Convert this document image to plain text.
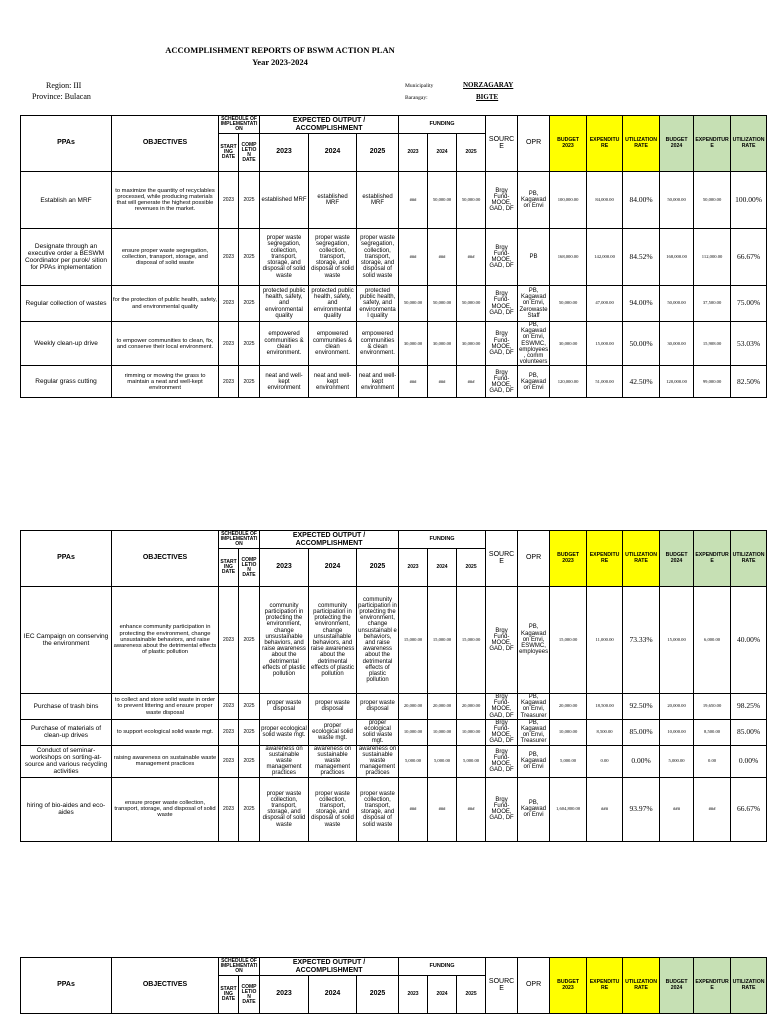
ACCOMPLISHMENT REPORTS OF BSWM ACTION PLAN
Year 2023-2024
Region: III
Province: Bulacan
Municipality	NORZAGARAY
Barangay:	BIGTE
PPAs	OBJECTIVES	SCHEDULE OF IMPLEMENTATION		EXPECTED OUTPUT / ACCOMPLISHMENT			FUNDING			SOURCE	OPR	BUDGET 2023	EXPENDITURE	UTILIZATION RATE	BUDGET 2024	EXPENDITURE	UTILIZATION RATE
		STARTING DATE	COMPLETION DATE	2023	2024	2025	2023	2024	2025								
Establish an MRF	to maximize the quantity of recyclables processed, while producing materials that will generate the highest possible revenues in the market.	2023	2025	established MRF	established MRF	established MRF	###	50,000.00	50,000.00	Brgy Fund-MOOE, GAD, DF	PB, Kagawad on Envi	100,000.00	84,000.00	84.00%	50,000.00	50,000.00	100.00%
Designate through an executive order a BESWM Coordinator per purok/ sition for PPAs implementation	ensure proper waste segregation, collection, transport, storage, and disposal of solid waste	2023	2025	proper waste segregation, collection, transport, storage, and disposal of solid waste	proper waste segregation, collection, transport, storage, and disposal of solid waste	proper waste segregation, collection, transport, storage, and disposal of solid waste	###	###	###	Brgy Fund-MOOE, GAD, DF	PB	168,000.00	142,000.00	84.52%	168,000.00	112,000.00	66.67%
Regular collection of wastes	for the protection of public health, safety, and environmental quality	2023	2025	protected public health, safety, and environmental quality	protected public health, safety, and environmental quality	protected public health, safety, and environmenta l quality	50,000.00	50,000.00	50,000.00	Brgy Fund-MOOE, GAD, DF	PB, Kagawad on Envi, Zerowaste Staff	50,000.00	47,000.00	94.00%	50,000.00	37,500.00	75.00%
Weekly clean-up drive	to empower communities to clean, fix, and conserve their local environment.	2023	2025	empowered communities & clean environment.	empowered communities & clean environment.	empowered communities & clean environment.	30,000.00	30,000.00	30,000.00	Brgy Fund-MOOE, GAD, DF	PB, Kagawad on Envi, ESWMC, employees, comm volunteers	30,000.00	15,000.00	50.00%	30,000.00	15,908.00	53.03%
Regular grass cutting	rimming or mowing the grass to maintain a neat and well-kept environment	2023	2025	neat and well-kept environment	neat and well-kept environment	neat and well-kept environment	###	###	###	Brgy Fund-MOOE, GAD, DF	PB, Kagawad on Envi	120,000.00	51,000.00	42.50%	120,000.00	99,000.00	82.50%
PPAs	OBJECTIVES	SCHEDULE OF IMPLEMENTATION		EXPECTED OUTPUT / ACCOMPLISHMENT			FUNDING			SOURCE	OPR	BUDGET 2023	EXPENDITURE	UTILIZATION RATE	BUDGET 2024	EXPENDITURE	UTILIZATION RATE
		STARTING DATE	COMPLETION DATE	2023	2024	2025	2023	2024	2025								
IEC Campaign on conserving the environment	enhance community participation in protecting the environment, change unsustainable behaviors, and raise awareness about the detrimental effects of plastic pollution	2023	2025	community participation in protecting the environment, change unsustainable behaviors, and raise awareness about the detrimental effects of plastic pollution	community participation in protecting the environment, change unsustainable behaviors, and raise awareness about the detrimental effects of plastic pollution	community participation in protecting the environment, change unsustainabl e behaviors, and raise awareness about the detrimental effects of plastic pollution	15,000.00	15,000.00	15,000.00	Brgy Fund-MOOE, GAD, DF	PB, Kagawad on Envi, ESWMC, employees	15,000.00	11,000.00	73.33%	15,000.00	6,000.00	40.00%
Purchase of trash bins	to collect and store solid waste in order to prevent littering and ensure proper waste disposal	2023	2025	proper waste disposal	proper waste disposal	proper waste disposal	20,000.00	20,000.00	20,000.00	Brgy Fund-MOOE, GAD, DF	PB, Kagawad on Envi, Treasurer	20,000.00	18,500.00	92.50%	20,000.00	19,650.00	98.25%
Purchase of materials of clean-up drives	to support ecological solid waste mgt.	2023	2025	proper ecological solid waste mgt.	proper ecological solid waste mgt.	proper ecological solid waste mgt.	10,000.00	10,000.00	10,000.00	Brgy Fund-MOOE, GAD, DF	PB, Kagawad on Envi, Treasurer	10,000.00	8,500.00	85.00%	10,000.00	8,500.00	85.00%
Conduct of seminar-workshops on sorting-at-source and various recycling activities	raising awareness on sustainable waste management practices	2023	2025	awareness on sustainable waste management practices	awareness on sustainable waste management practices	awareness on sustainable waste management practices	5,000.00	5,000.00	5,000.00	Brgy Fund-MOOE, GAD, DF	PB, Kagawad on Envi	5,000.00	0.00	0.00%	5,000.00	0.00	0.00%
hiring of bio-aides and eco-aides	ensure proper waste collection, transport, storage, and disposal of solid waste	2023	2025	proper waste collection, transport, storage, and disposal of solid waste	proper waste collection, transport, storage, and disposal of solid waste	proper waste collection, transport, storage, and disposal of solid waste	###	###	###	Brgy Fund-MOOE, GAD, DF	PB, Kagawad on Envi	1,604,800.00	###	93.97%	###	###	66.67%
PPAs	OBJECTIVES	SCHEDULE OF IMPLEMENTATION		EXPECTED OUTPUT / ACCOMPLISHMENT			FUNDING			SOURCE	OPR	BUDGET 2023	EXPENDITURE	UTILIZATION RATE	BUDGET 2024	EXPENDITURE	UTILIZATION RATE
		STARTING DATE	COMPLETION DATE	2023	2024	2025	2023	2024	2025								
